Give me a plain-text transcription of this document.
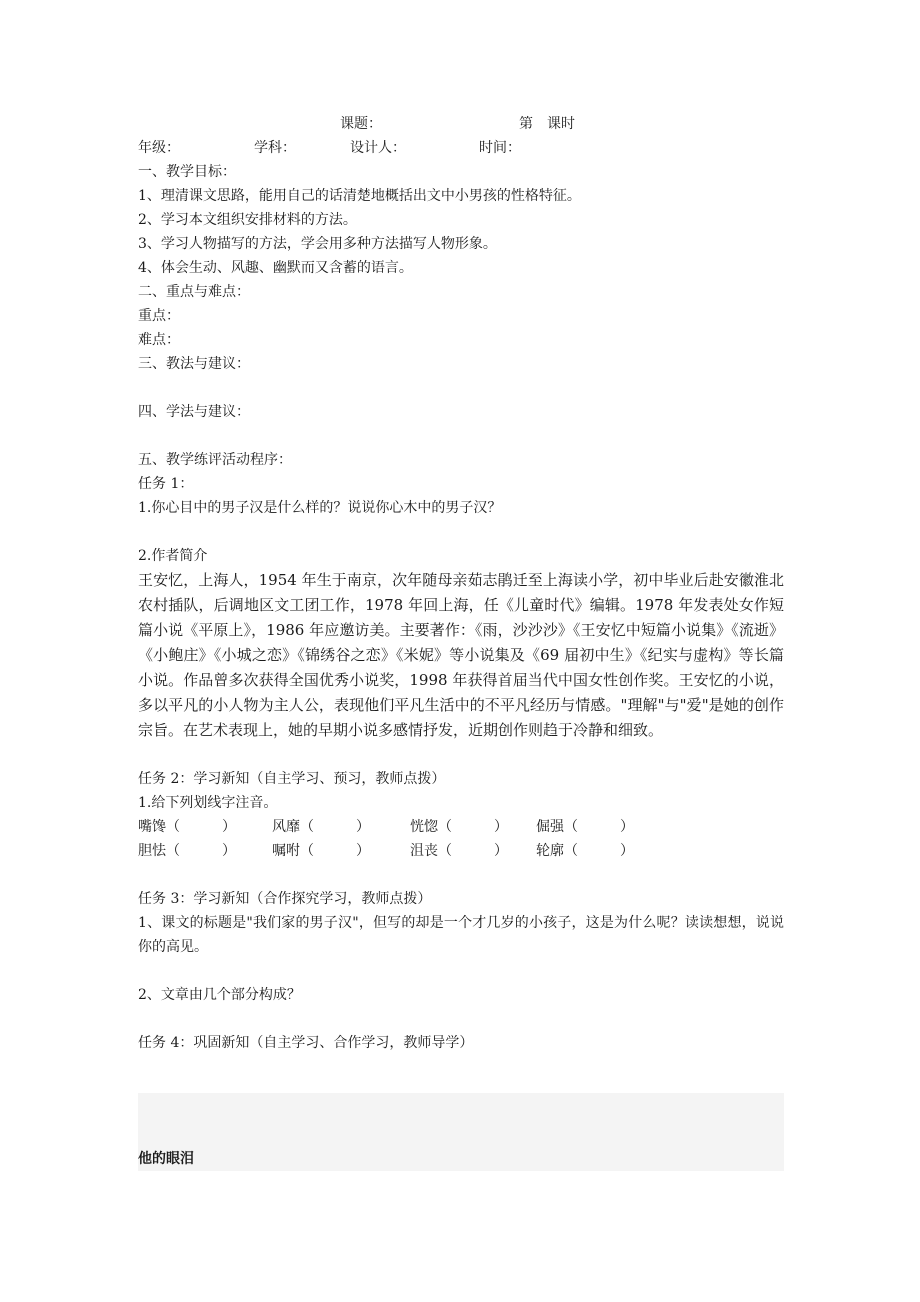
课题：	第　课时
年级：	学科：	设计人：	时间：
一、教学目标：
1、理清课文思路，能用自己的话清楚地概括出文中小男孩的性格特征。
2、学习本文组织安排材料的方法。
3、学习人物描写的方法，学会用多种方法描写人物形象。
4、体会生动、风趣、幽默而又含蓄的语言。
二、重点与难点：
重点：
难点：
三、教法与建议：
四、学法与建议：
五、教学练评活动程序：
任务 1：
1.你心目中的男子汉是什么样的？说说你心木中的男子汉？
2.作者简介
王安忆，上海人，1954 年生于南京，次年随母亲茹志鹃迁至上海读小学，初中毕业后赴安徽淮北农村插队，后调地区文工团工作，1978 年回上海，任《儿童时代》编辑。1978 年发表处女作短篇小说《平原上》，1986 年应邀访美。主要著作：《雨，沙沙沙》《王安忆中短篇小说集》《流逝》《小鲍庄》《小城之恋》《锦绣谷之恋》《米妮》等小说集及《69 届初中生》《纪实与虚构》等长篇小说。作品曾多次获得全国优秀小说奖，1998 年获得首届当代中国女性创作奖。王安忆的小说，多以平凡的小人物为主人公，表现他们平凡生活中的不平凡经历与情感。"理解"与"爱"是她的创作宗旨。在艺术表现上，她的早期小说多感情抒发，近期创作则趋于冷静和细致。
任务 2：学习新知（自主学习、预习，教师点拨）
1.给下列划线字注音。
嘴馋（　　　）	风靡（　　　）	恍惚（　　　） 倔强（　　　）
胆怯（　　　）	嘱咐（　　　）	沮丧（　　　） 轮廓（　　　）
任务 3：学习新知（合作探究学习，教师点拨）
1、课文的标题是"我们家的男子汉"，但写的却是一个才几岁的小孩子，这是为什么呢？读读想想，说说你的高见。
2、文章由几个部分构成？
任务 4：巩固新知（自主学习、合作学习，教师导学）
他的眼泪
